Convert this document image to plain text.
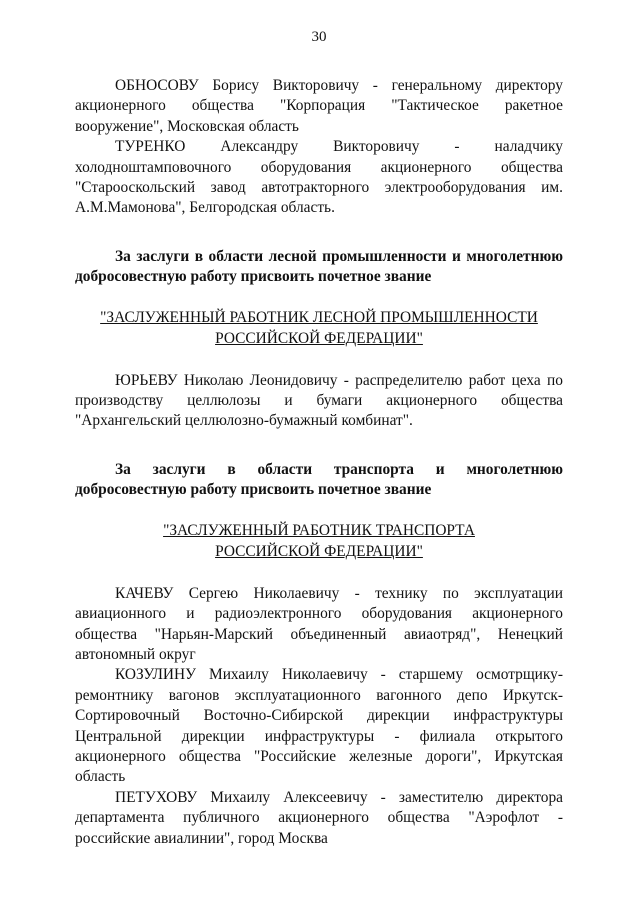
30

ОБНОСОВУ Борису Викторовичу - генеральному директору акционерного общества "Корпорация "Тактическое ракетное вооружение", Московская область

ТУРЕНКО Александру Викторовичу - наладчику холодноштамповочного оборудования акционерного общества "Старооскольский завод автотракторного электрооборудования им. А.М.Мамонова", Белгородская область.

За заслуги в области лесной промышленности и многолетнюю добросовестную работу присвоить почетное звание

"ЗАСЛУЖЕННЫЙ РАБОТНИК ЛЕСНОЙ ПРОМЫШЛЕННОСТИ
РОССИЙСКОЙ ФЕДЕРАЦИИ"

ЮРЬЕВУ Николаю Леонидовичу - распределителю работ цеха по производству целлюлозы и бумаги акционерного общества "Архангельский целлюлозно-бумажный комбинат".

За заслуги в области транспорта и многолетнюю добросовестную работу присвоить почетное звание

"ЗАСЛУЖЕННЫЙ РАБОТНИК ТРАНСПОРТА
РОССИЙСКОЙ ФЕДЕРАЦИИ"

КАЧЕВУ Сергею Николаевичу - технику по эксплуатации авиационного и радиоэлектронного оборудования акционерного общества "Нарьян-Марский объединенный авиаотряд", Ненецкий автономный округ

КОЗУЛИНУ Михаилу Николаевичу - старшему осмотрщику-ремонтнику вагонов эксплуатационного вагонного депо Иркутск-Сортировочный Восточно-Сибирской дирекции инфраструктуры Центральной дирекции инфраструктуры - филиала открытого акционерного общества "Российские железные дороги", Иркутская область

ПЕТУХОВУ Михаилу Алексеевичу - заместителю директора департамента публичного акционерного общества "Аэрофлот - российские авиалинии", город Москва
